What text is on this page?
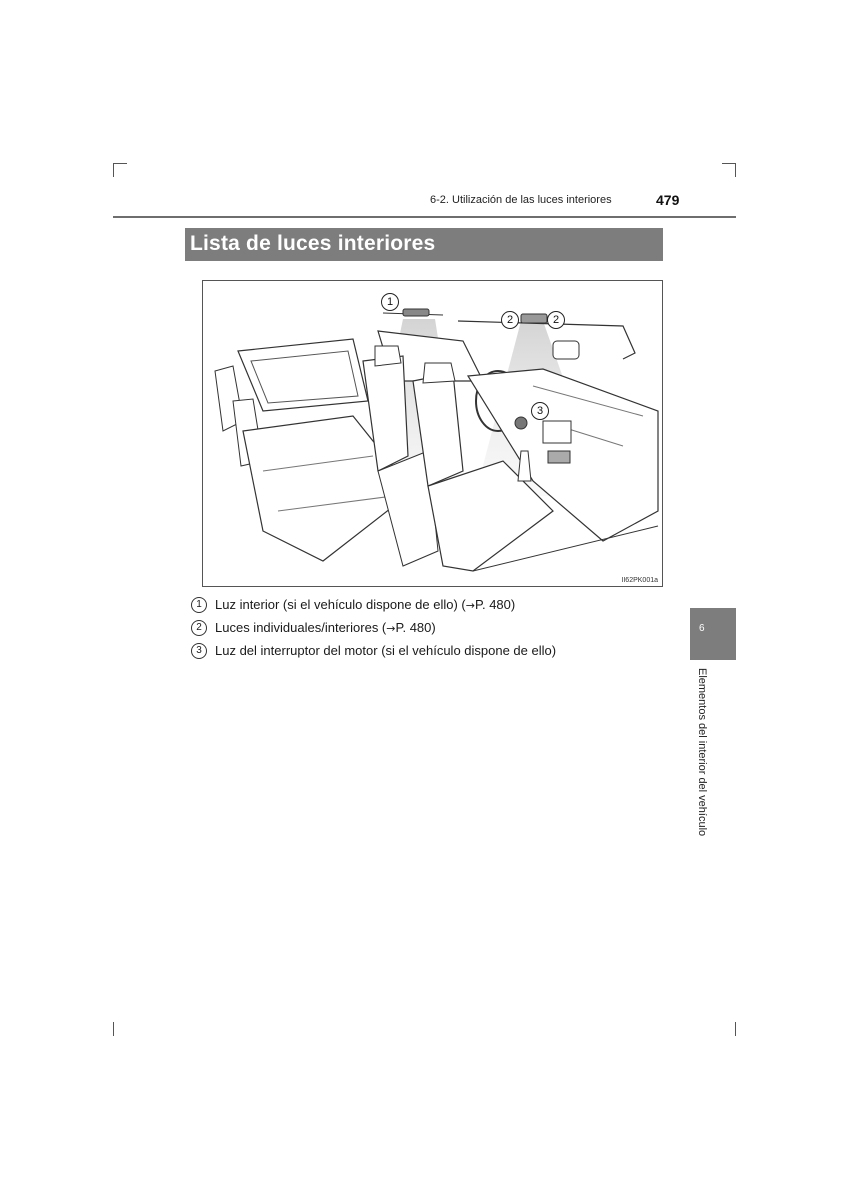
6-2. Utilización de las luces interiores	479
Lista de luces interiores
1
2	2
3
II62PK001a
1	Luz interior (si el vehículo dispone de ello) (→P. 480)
2	Luces individuales/interiores (→P. 480)
3	Luz del interruptor del motor (si el vehículo dispone de ello)
6
Elementos del interior del vehículo
